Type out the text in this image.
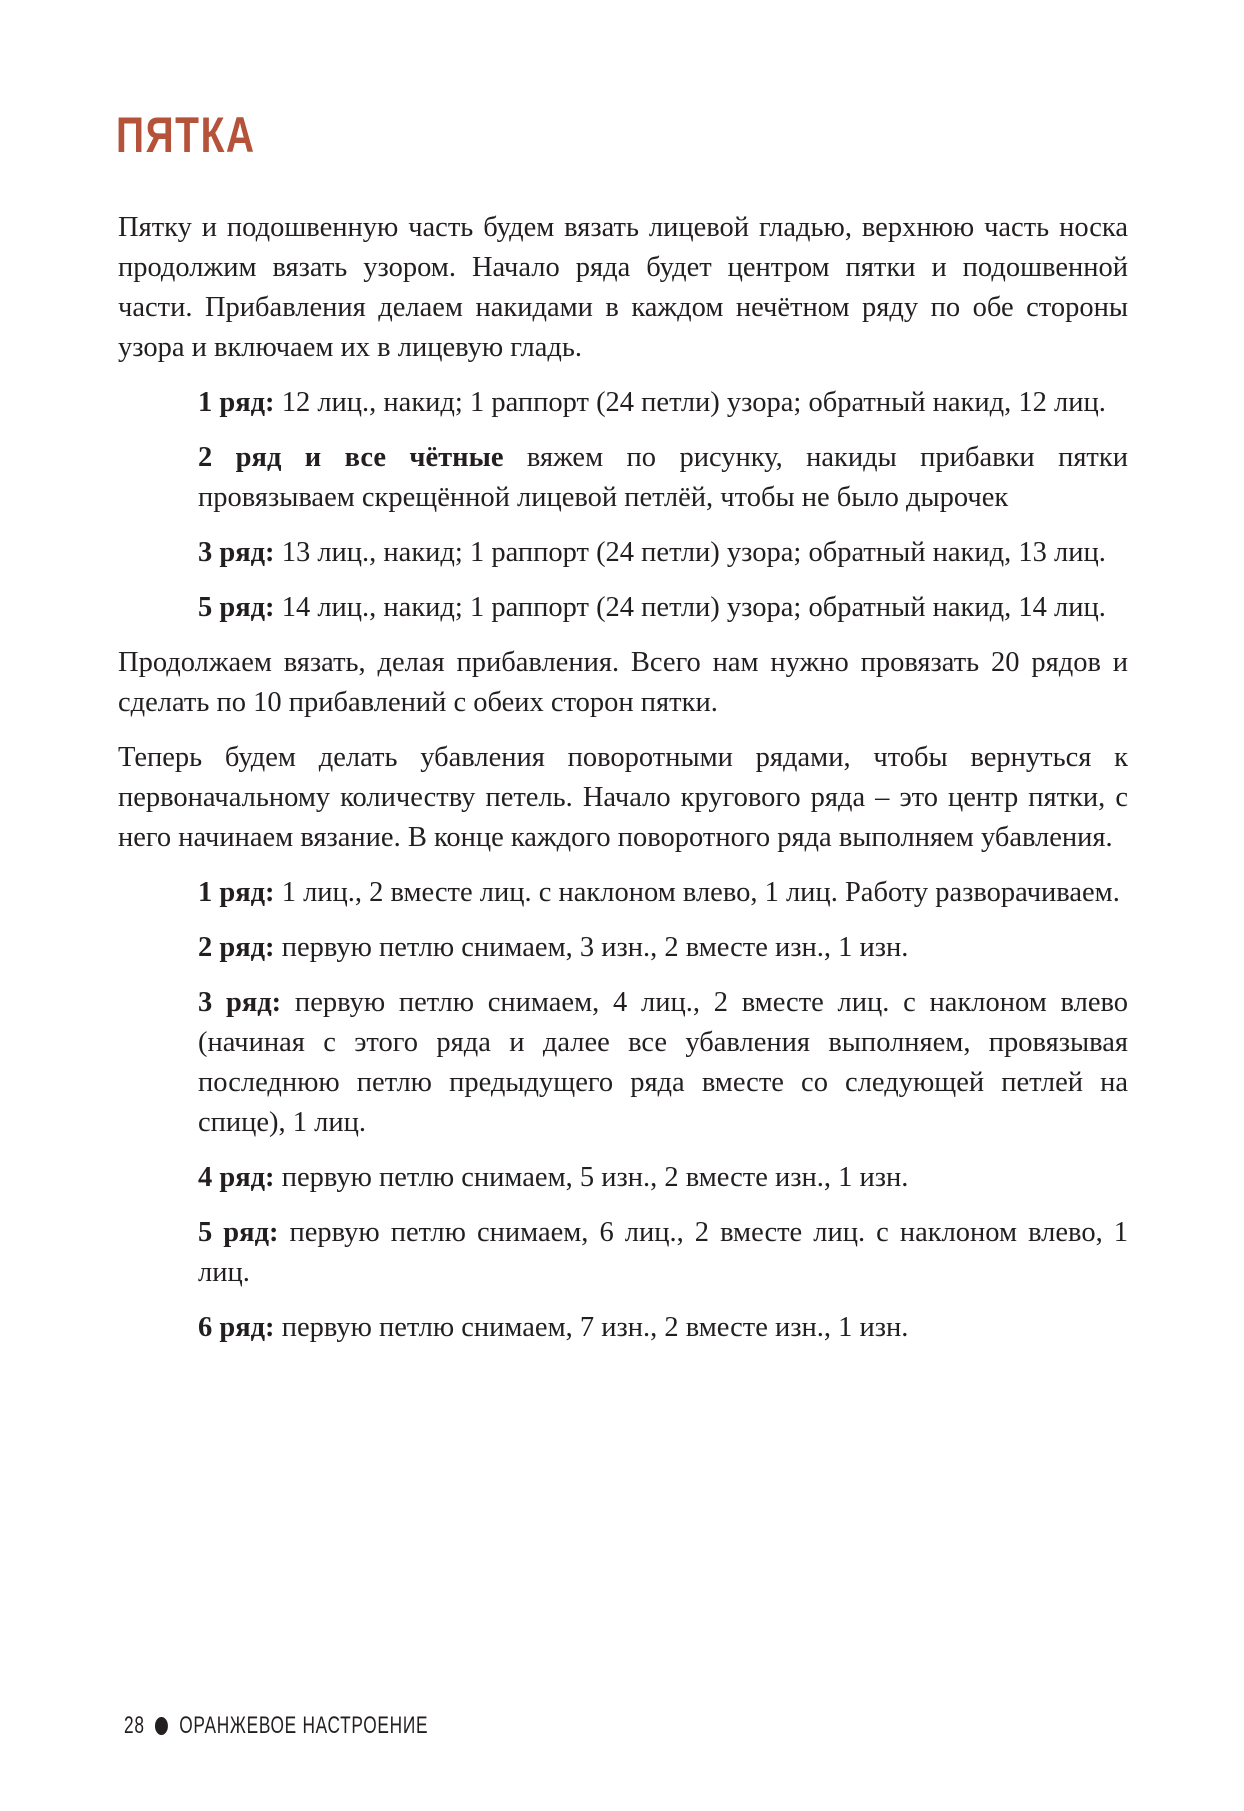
ПЯТКА

Пятку и подошвенную часть будем вязать лицевой гладью, верхнюю часть носка продолжим вязать узором. Начало ряда будет центром пятки и подошвенной части. Прибавления делаем накидами в каждом нечётном ряду по обе стороны узора и включаем их в лицевую гладь.

1 ряд: 12 лиц., накид; 1 раппорт (24 петли) узора; обратный накид, 12 лиц.

2 ряд и все чётные вяжем по рисунку, накиды прибавки пятки провязываем скрещённой лицевой петлёй, чтобы не было дырочек

3 ряд: 13 лиц., накид; 1 раппорт (24 петли) узора; обратный накид, 13 лиц.

5 ряд: 14 лиц., накид; 1 раппорт (24 петли) узора; обратный накид, 14 лиц.

Продолжаем вязать, делая прибавления. Всего нам нужно провязать 20 рядов и сделать по 10 прибавлений с обеих сторон пятки.

Теперь будем делать убавления поворотными рядами, чтобы вернуться к первоначальному количеству петель. Начало кругового ряда – это центр пятки, с него начинаем вязание. В конце каждого поворотного ряда выполняем убавления.

1 ряд: 1 лиц., 2 вместе лиц. с наклоном влево, 1 лиц. Работу разворачиваем.

2 ряд: первую петлю снимаем, 3 изн., 2 вместе изн., 1 изн.

3 ряд: первую петлю снимаем, 4 лиц., 2 вместе лиц. с наклоном влево (начиная с этого ряда и далее все убавления выполняем, провязывая последнюю петлю предыдущего ряда вместе со следующей петлей на спице), 1 лиц.

4 ряд: первую петлю снимаем, 5 изн., 2 вместе изн., 1 изн.

5 ряд: первую петлю снимаем, 6 лиц., 2 вместе лиц. с наклоном влево, 1 лиц.

6 ряд: первую петлю снимаем, 7 изн., 2 вместе изн., 1 изн.

28 ОРАНЖЕВОЕ НАСТРОЕНИЕ
